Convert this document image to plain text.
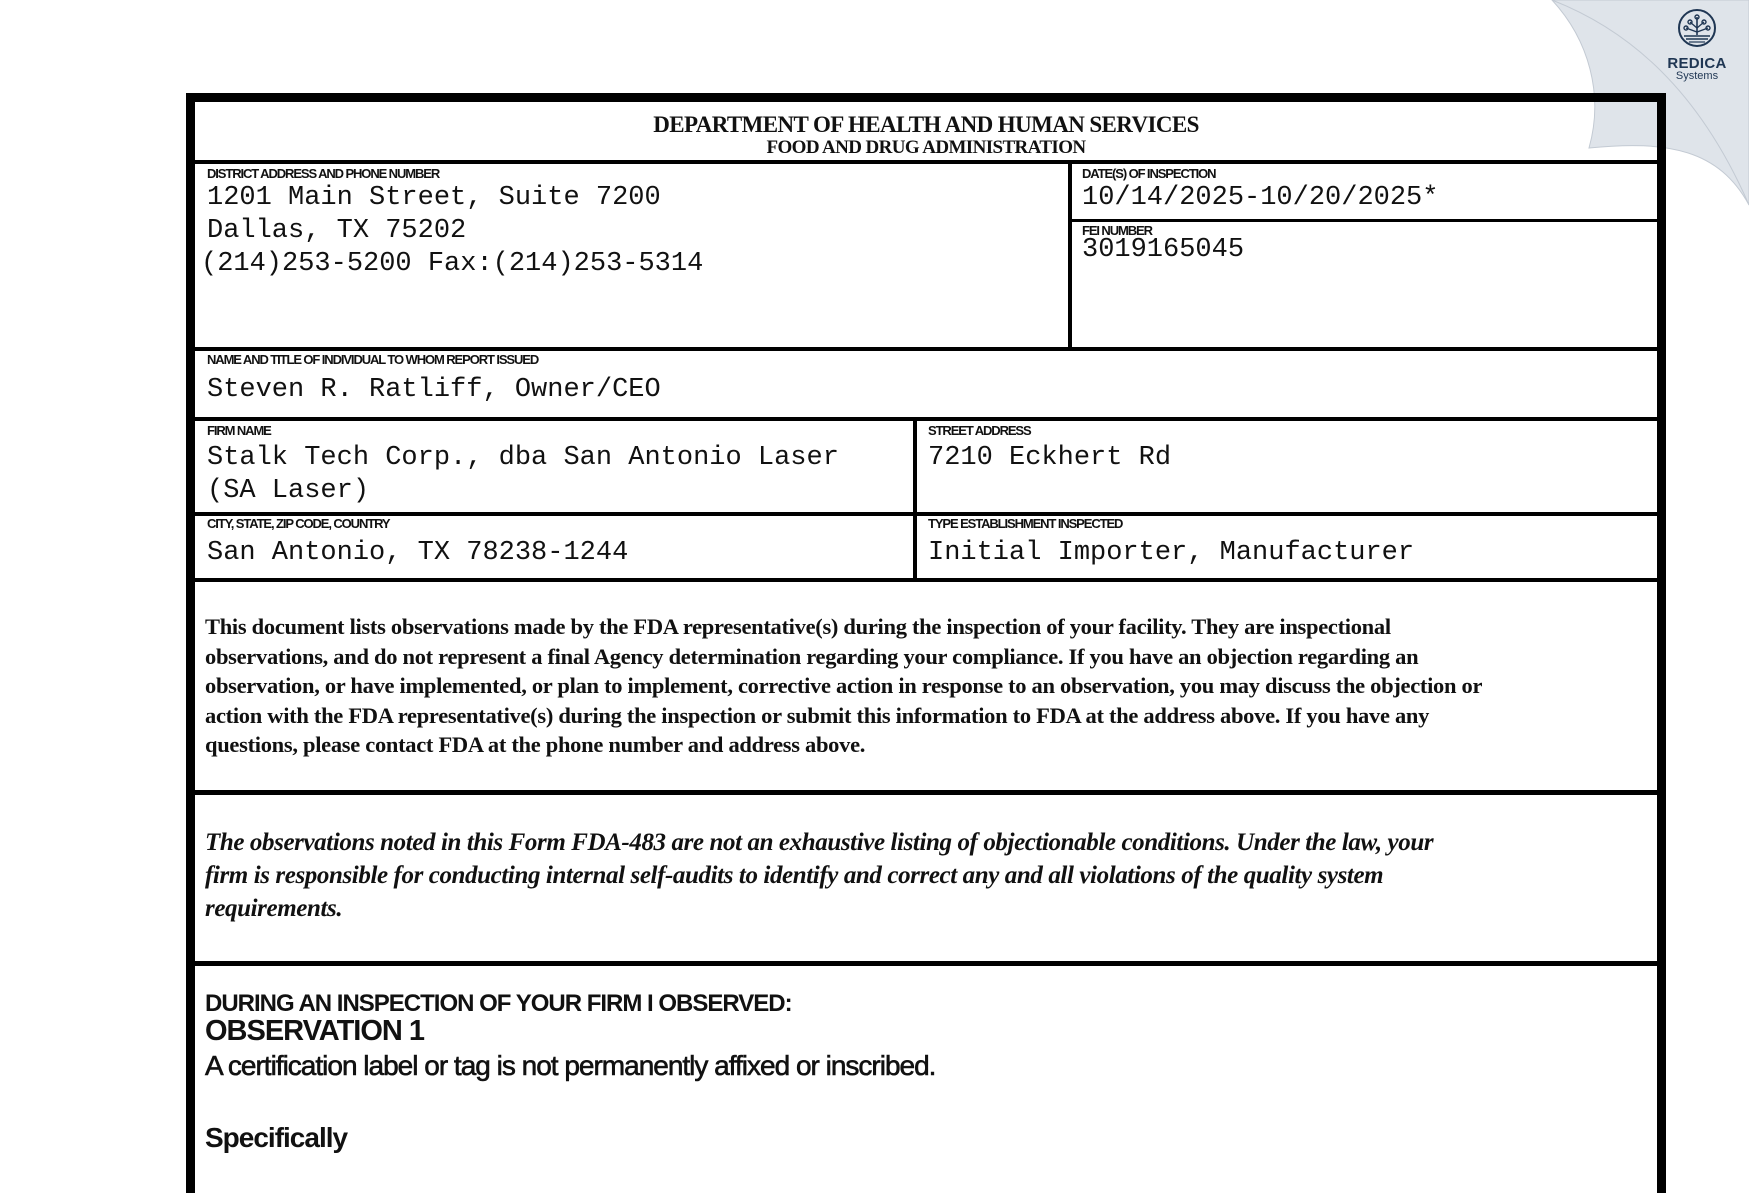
REDICA
Systems
DEPARTMENT OF HEALTH AND HUMAN SERVICES
FOOD AND DRUG ADMINISTRATION
DISTRICT ADDRESS AND PHONE NUMBER
1201 Main Street, Suite 7200
Dallas, TX 75202
(214)253-5200 Fax:(214)253-5314
DATE(S) OF INSPECTION
10/14/2025-10/20/2025*
FEI NUMBER
3019165045
NAME AND TITLE OF INDIVIDUAL TO WHOM REPORT ISSUED
Steven R. Ratliff, Owner/CEO
FIRM NAME
Stalk Tech Corp., dba San Antonio Laser
(SA Laser)
STREET ADDRESS
7210 Eckhert Rd
CITY, STATE, ZIP CODE, COUNTRY
San Antonio, TX 78238-1244
TYPE ESTABLISHMENT INSPECTED
Initial Importer, Manufacturer
This document lists observations made by the FDA representative(s) during the inspection of your facility. They are inspectional
observations, and do not represent a final Agency determination regarding your compliance. If you have an objection regarding an
observation, or have implemented, or plan to implement, corrective action in response to an observation, you may discuss the objection or
action with the FDA representative(s) during the inspection or submit this information to FDA at the address above. If you have any
questions, please contact FDA at the phone number and address above.
The observations noted in this Form FDA-483 are not an exhaustive listing of objectionable conditions. Under the law, your
firm is responsible for conducting internal self-audits to identify and correct any and all violations of the quality system
requirements.
DURING AN INSPECTION OF YOUR FIRM I OBSERVED:
OBSERVATION 1
A certification label or tag is not permanently affixed or inscribed.
Specifically
